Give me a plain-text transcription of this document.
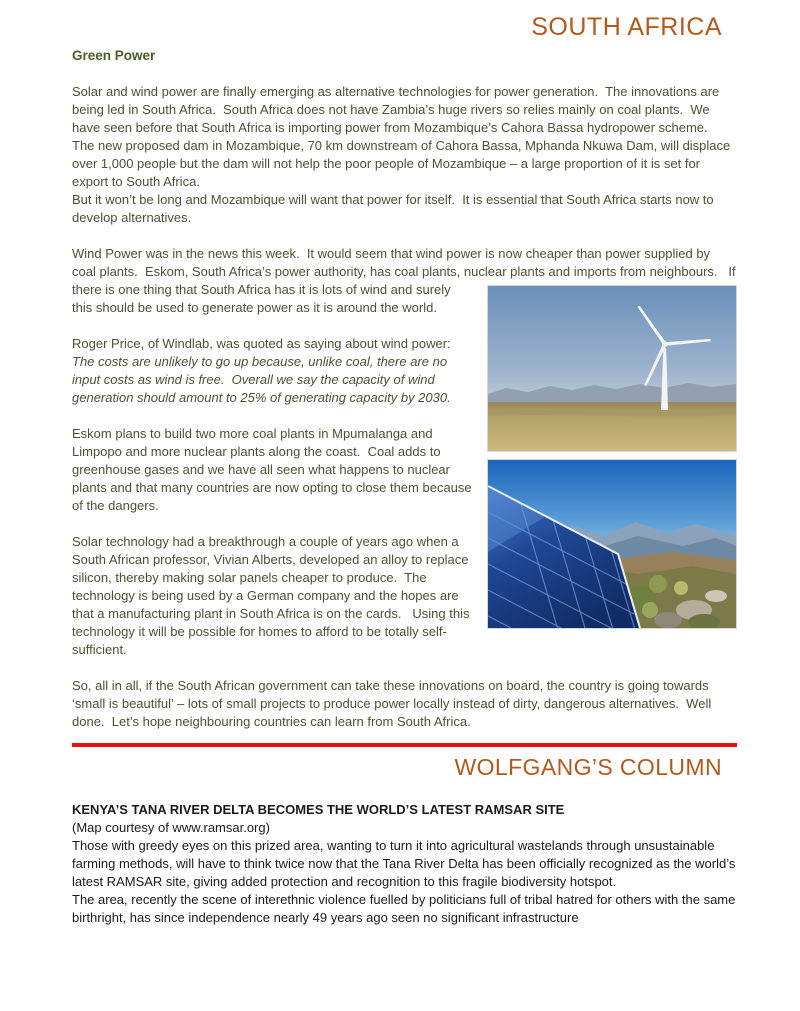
SOUTH AFRICA
Green Power
Solar and wind power are finally emerging as alternative technologies for power generation.  The innovations are being led in South Africa.  South Africa does not have Zambia’s huge rivers so relies mainly on coal plants.  We have seen before that South Africa is importing power from Mozambique’s Cahora Bassa hydropower scheme.  The new proposed dam in Mozambique, 70 km downstream of Cahora Bassa, Mphanda Nkuwa Dam, will displace over 1,000 people but the dam will not help the poor people of Mozambique – a large proportion of it is set for export to South Africa.
But it won’t be long and Mozambique will want that power for itself.  It is essential that South Africa starts now to develop alternatives.
Wind Power was in the news this week.  It would seem that wind power is now cheaper than power supplied by coal plants.  Eskom, South Africa’s power authority, has coal plants, nuclear plants and imports
from neighbours.   If there is one thing that South Africa has it is lots of wind and surely this should be used to generate power as it is around the world.
Roger Price, of Windlab, was quoted as saying about wind power:
The costs are unlikely to go up because, unlike coal, there are no input costs as wind is free.  Overall we say the capacity of wind generation should amount to 25% of generating capacity by 2030.
Eskom plans to build two more coal plants in Mpumalanga and Limpopo and more nuclear plants along the coast.  Coal adds to greenhouse gases and we have all seen what happens to nuclear plants and that many countries are now opting to close them because of the dangers.
Solar technology had a breakthrough a couple of years ago when a South African professor, Vivian Alberts, developed an alloy to replace silicon, thereby making solar panels cheaper to produce.  The technology is being used by a German company and the hopes are that a manufacturing plant in South Africa is on the cards.   Using this technology it will be possible for homes to afford to be totally self-sufficient.
So, all in all, if the South African government can take these innovations on board, the country is going towards ‘small is beautiful’ – lots of small projects to produce power locally instead of dirty, dangerous alternatives.  Well done.  Let’s hope neighbouring countries can learn from South Africa.
WOLFGANG’S COLUMN
KENYA’S TANA RIVER DELTA BECOMES THE WORLD’S LATEST RAMSAR SITE
(Map courtesy of www.ramsar.org)
Those with greedy eyes on this prized area, wanting to turn it into agricultural wastelands through unsustainable farming methods, will have to think twice now that the Tana River Delta has been officially recognized as the world’s latest RAMSAR site, giving added protection and recognition to this fragile biodiversity hotspot.
The area, recently the scene of interethnic violence fuelled by politicians full of tribal hatred for others with the same birthright, has since independence nearly 49 years ago seen no significant infrastructure
